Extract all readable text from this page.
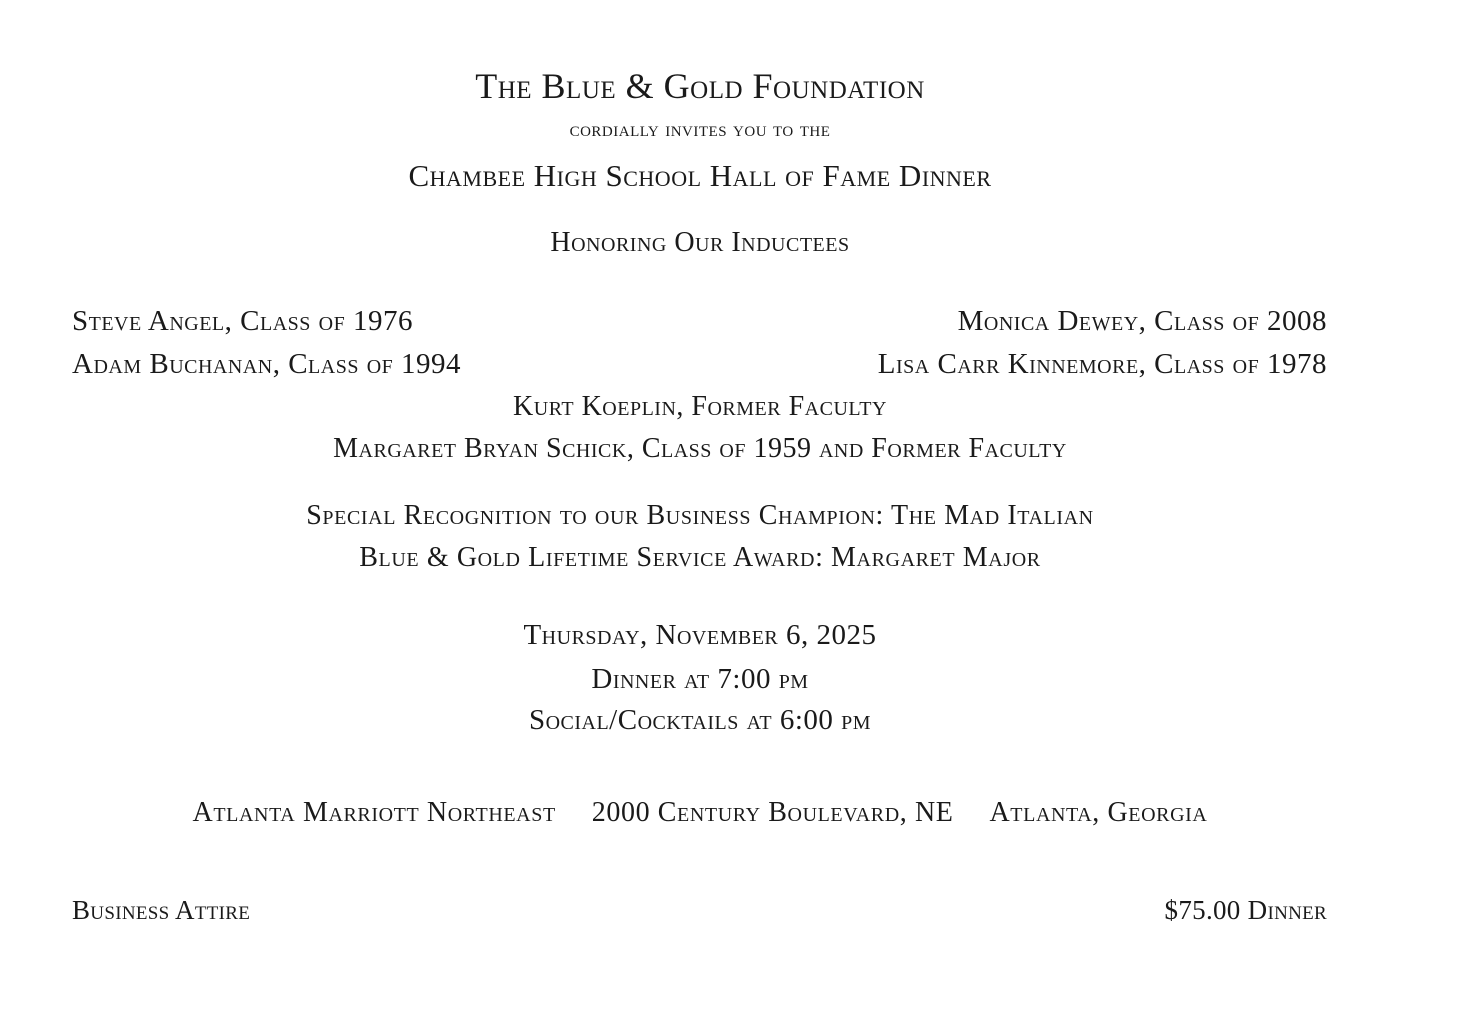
The Blue & Gold Foundation
cordially invites you to the
Chambee High School Hall of Fame Dinner
Honoring Our Inductees
Steve Angel, Class of 1976	Monica Dewey, Class of 2008
Adam Buchanan, Class of 1994	Lisa Carr Kinnemore, Class of 1978
Kurt Koeplin, Former Faculty
Margaret Bryan Schick, Class of 1959 and Former Faculty
Special Recognition to our Business Champion: The Mad Italian
Blue & Gold Lifetime Service Award: Margaret Major
Thursday, November 6, 2025
Dinner at 7:00 pm
Social/Cocktails at 6:00 pm
Atlanta Marriott Northeast 2000 Century Boulevard, NE Atlanta, Georgia
Business Attire	$75.00 Dinner
